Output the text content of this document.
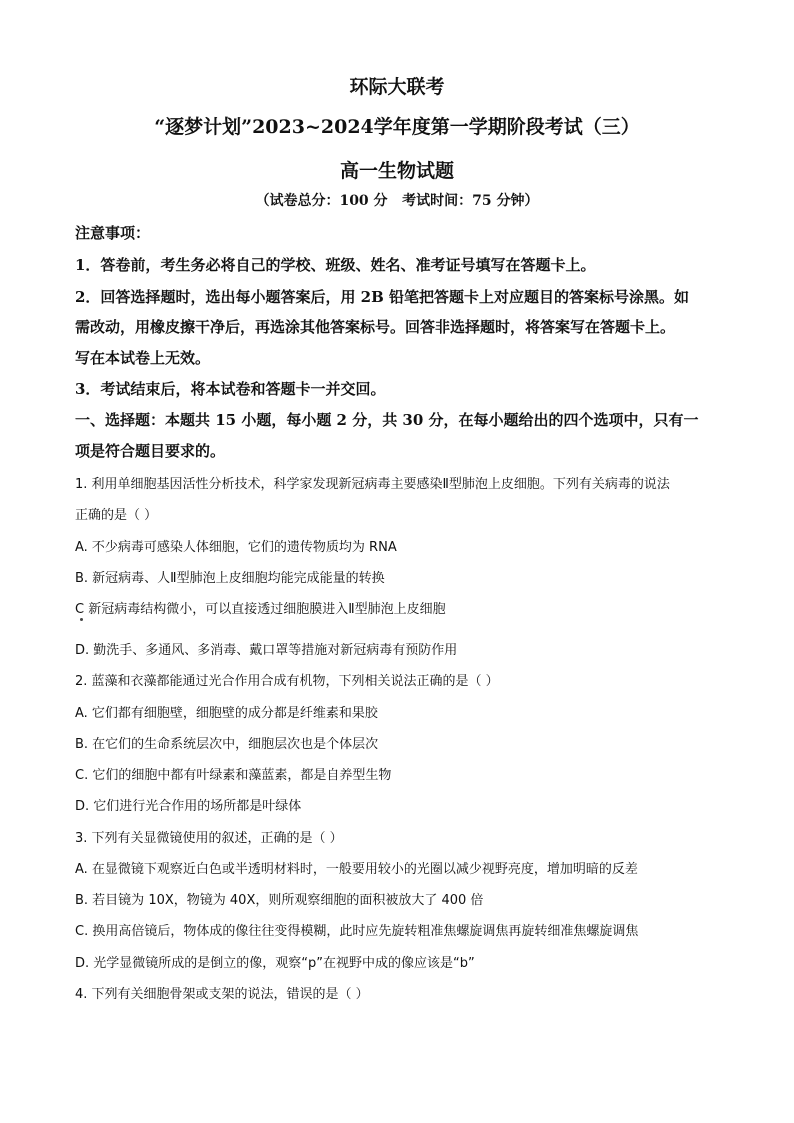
环际大联考
“逐梦计划”2023~2024学年度第一学期阶段考试（三）
高一生物试题
（试卷总分：100 分   考试时间：75 分钟）
注意事项：
1．答卷前，考生务必将自己的学校、班级、姓名、准考证号填写在答题卡上。
2．回答选择题时，选出每小题答案后，用 2B 铅笔把答题卡上对应题目的答案标号涂黑。如
需改动，用橡皮擦干净后，再选涂其他答案标号。回答非选择题时，将答案写在答题卡上。
写在本试卷上无效。
3．考试结束后，将本试卷和答题卡一并交回。
一、选择题：本题共 15 小题，每小题 2 分，共 30 分，在每小题给出的四个选项中，只有一
项是符合题目要求的。
1. 利用单细胞基因活性分析技术，科学家发现新冠病毒主要感染Ⅱ型肺泡上皮细胞。下列有关病毒的说法
正确的是（ ）
A. 不少病毒可感染人体细胞，它们的遗传物质均为 RNA
B. 新冠病毒、人Ⅱ型肺泡上皮细胞均能完成能量的转换
C 新冠病毒结构微小，可以直接透过细胞膜进入Ⅱ型肺泡上皮细胞
D. 勤洗手、多通风、多消毒、戴口罩等措施对新冠病毒有预防作用
2. 蓝藻和衣藻都能通过光合作用合成有机物，下列相关说法正确的是（ ）
A. 它们都有细胞壁，细胞壁的成分都是纤维素和果胶
B. 在它们的生命系统层次中，细胞层次也是个体层次
C. 它们的细胞中都有叶绿素和藻蓝素，都是自养型生物
D. 它们进行光合作用的场所都是叶绿体
3. 下列有关显微镜使用的叙述，正确的是（ ）
A. 在显微镜下观察近白色或半透明材料时，一般要用较小的光圈以减少视野亮度，增加明暗的反差
B. 若目镜为 10X，物镜为 40X，则所观察细胞的面积被放大了 400 倍
C. 换用高倍镜后，物体成的像往往变得模糊，此时应先旋转粗准焦螺旋调焦再旋转细准焦螺旋调焦
D. 光学显微镜所成的是倒立的像，观察“p”在视野中成的像应该是“b”
4. 下列有关细胞骨架或支架的说法，错误的是（ ）
